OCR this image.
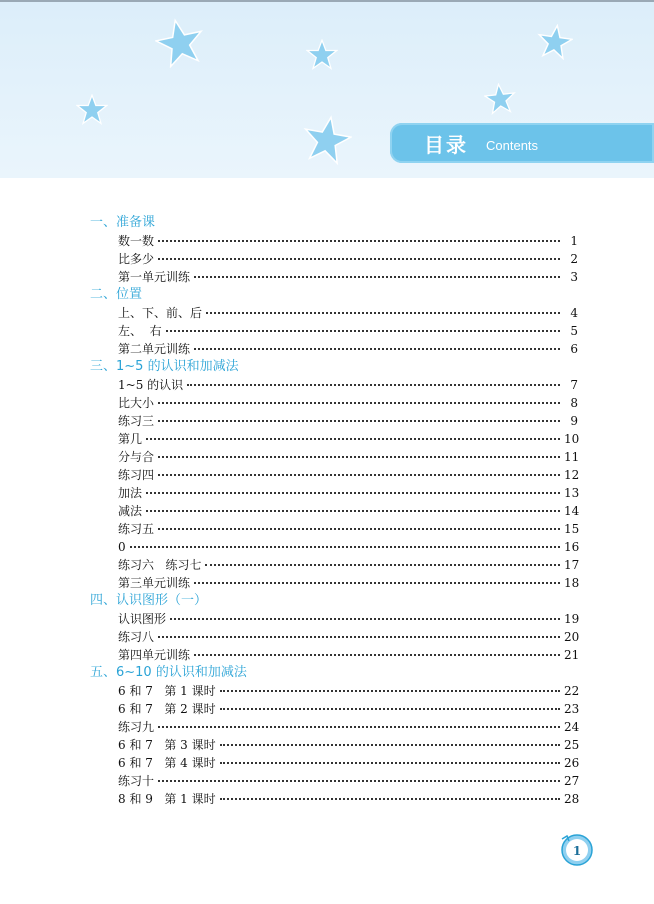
目录 Contents
一、准备课
数一数	1
比多少	2
第一单元训练	3
二、位置
上、下、前、后	4
左、  右	5
第二单元训练	6
三、1~5 的认识和加减法
1~5 的认识	7
比大小	8
练习三	9
第几	10
分与合	11
练习四	12
加法	13
减法	14
练习五	15
0	16
练习六   练习七	17
第三单元训练	18
四、认识图形（一）
认识图形	19
练习八	20
第四单元训练	21
五、6~10 的认识和加减法
6 和 7   第 1 课时	22
6 和 7   第 2 课时	23
练习九	24
6 和 7   第 3 课时	25
6 和 7   第 4 课时	26
练习十	27
8 和 9   第 1 课时	28
1
